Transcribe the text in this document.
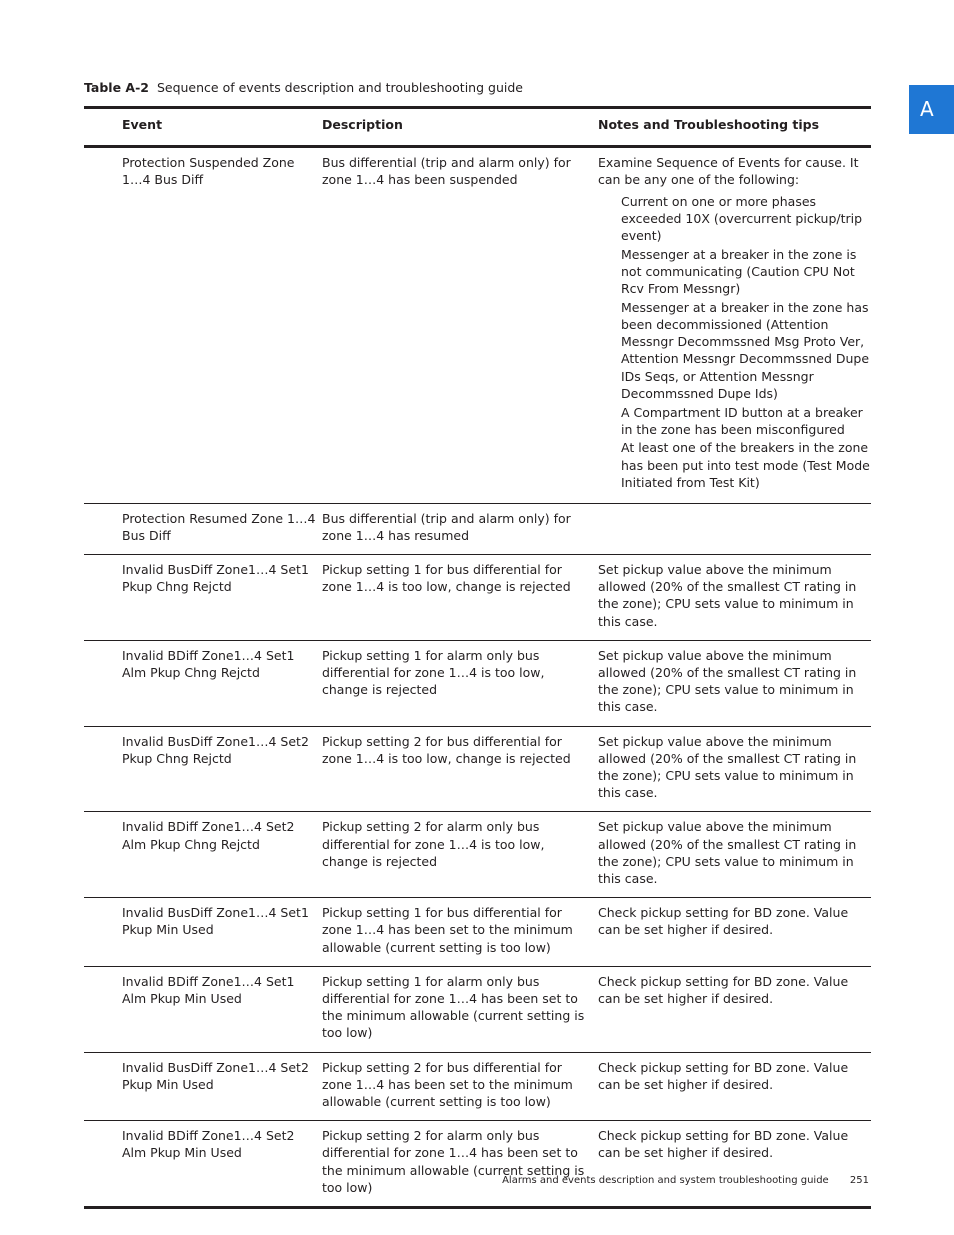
Table A-2 Sequence of events description and troubleshooting guide
A
Event	Description	Notes and Troubleshooting tips
Protection Suspended Zone 1…4 Bus Diff
Bus differential (trip and alarm only) for zone 1…4 has been suspended
Examine Sequence of Events for cause. It can be any one of the following:
Current on one or more phases exceeded 10X (overcurrent pickup/trip event)
Messenger at a breaker in the zone is not communicating (Caution CPU Not Rcv From Messngr)
Messenger at a breaker in the zone has been decommissioned (Attention Messngr Decommssned Msg Proto Ver, Attention Messngr Decommssned Dupe IDs Seqs, or Attention Messngr Decommssned Dupe Ids)
A Compartment ID button at a breaker in the zone has been misconfigured
At least one of the breakers in the zone has been put into test mode (Test Mode Initiated from Test Kit)
Protection Resumed Zone 1…4 Bus Diff
Bus differential (trip and alarm only) for zone 1…4 has resumed
Invalid BusDiff Zone1…4 Set1 Pkup Chng Rejctd
Pickup setting 1 for bus differential for zone 1…4 is too low, change is rejected
Set pickup value above the minimum allowed (20% of the smallest CT rating in the zone); CPU sets value to minimum in this case.
Invalid BDiff Zone1…4 Set1 Alm Pkup Chng Rejctd
Pickup setting 1 for alarm only bus differential for zone 1…4 is too low, change is rejected
Set pickup value above the minimum allowed (20% of the smallest CT rating in the zone); CPU sets value to minimum in this case.
Invalid BusDiff Zone1…4 Set2 Pkup Chng Rejctd
Pickup setting 2 for bus differential for zone 1…4 is too low, change is rejected
Set pickup value above the minimum allowed (20% of the smallest CT rating in the zone); CPU sets value to minimum in this case.
Invalid BDiff Zone1…4 Set2 Alm Pkup Chng Rejctd
Pickup setting 2 for alarm only bus differential for zone 1…4 is too low, change is rejected
Set pickup value above the minimum allowed (20% of the smallest CT rating in the zone); CPU sets value to minimum in this case.
Invalid BusDiff Zone1…4 Set1 Pkup Min Used
Pickup setting 1 for bus differential for zone 1…4 has been set to the minimum allowable (current setting is too low)
Check pickup setting for BD zone. Value can be set higher if desired.
Invalid BDiff Zone1…4 Set1 Alm Pkup Min Used
Pickup setting 1 for alarm only bus differential for zone 1…4 has been set to the minimum allowable (current setting is too low)
Check pickup setting for BD zone. Value can be set higher if desired.
Invalid BusDiff Zone1…4 Set2 Pkup Min Used
Pickup setting 2 for bus differential for zone 1…4 has been set to the minimum allowable (current setting is too low)
Check pickup setting for BD zone. Value can be set higher if desired.
Invalid BDiff Zone1…4 Set2 Alm Pkup Min Used
Pickup setting 2 for alarm only bus differential for zone 1…4 has been set to the minimum allowable (current setting is too low)
Check pickup setting for BD zone. Value can be set higher if desired.
Alarms and events description and system troubleshooting guide 251
